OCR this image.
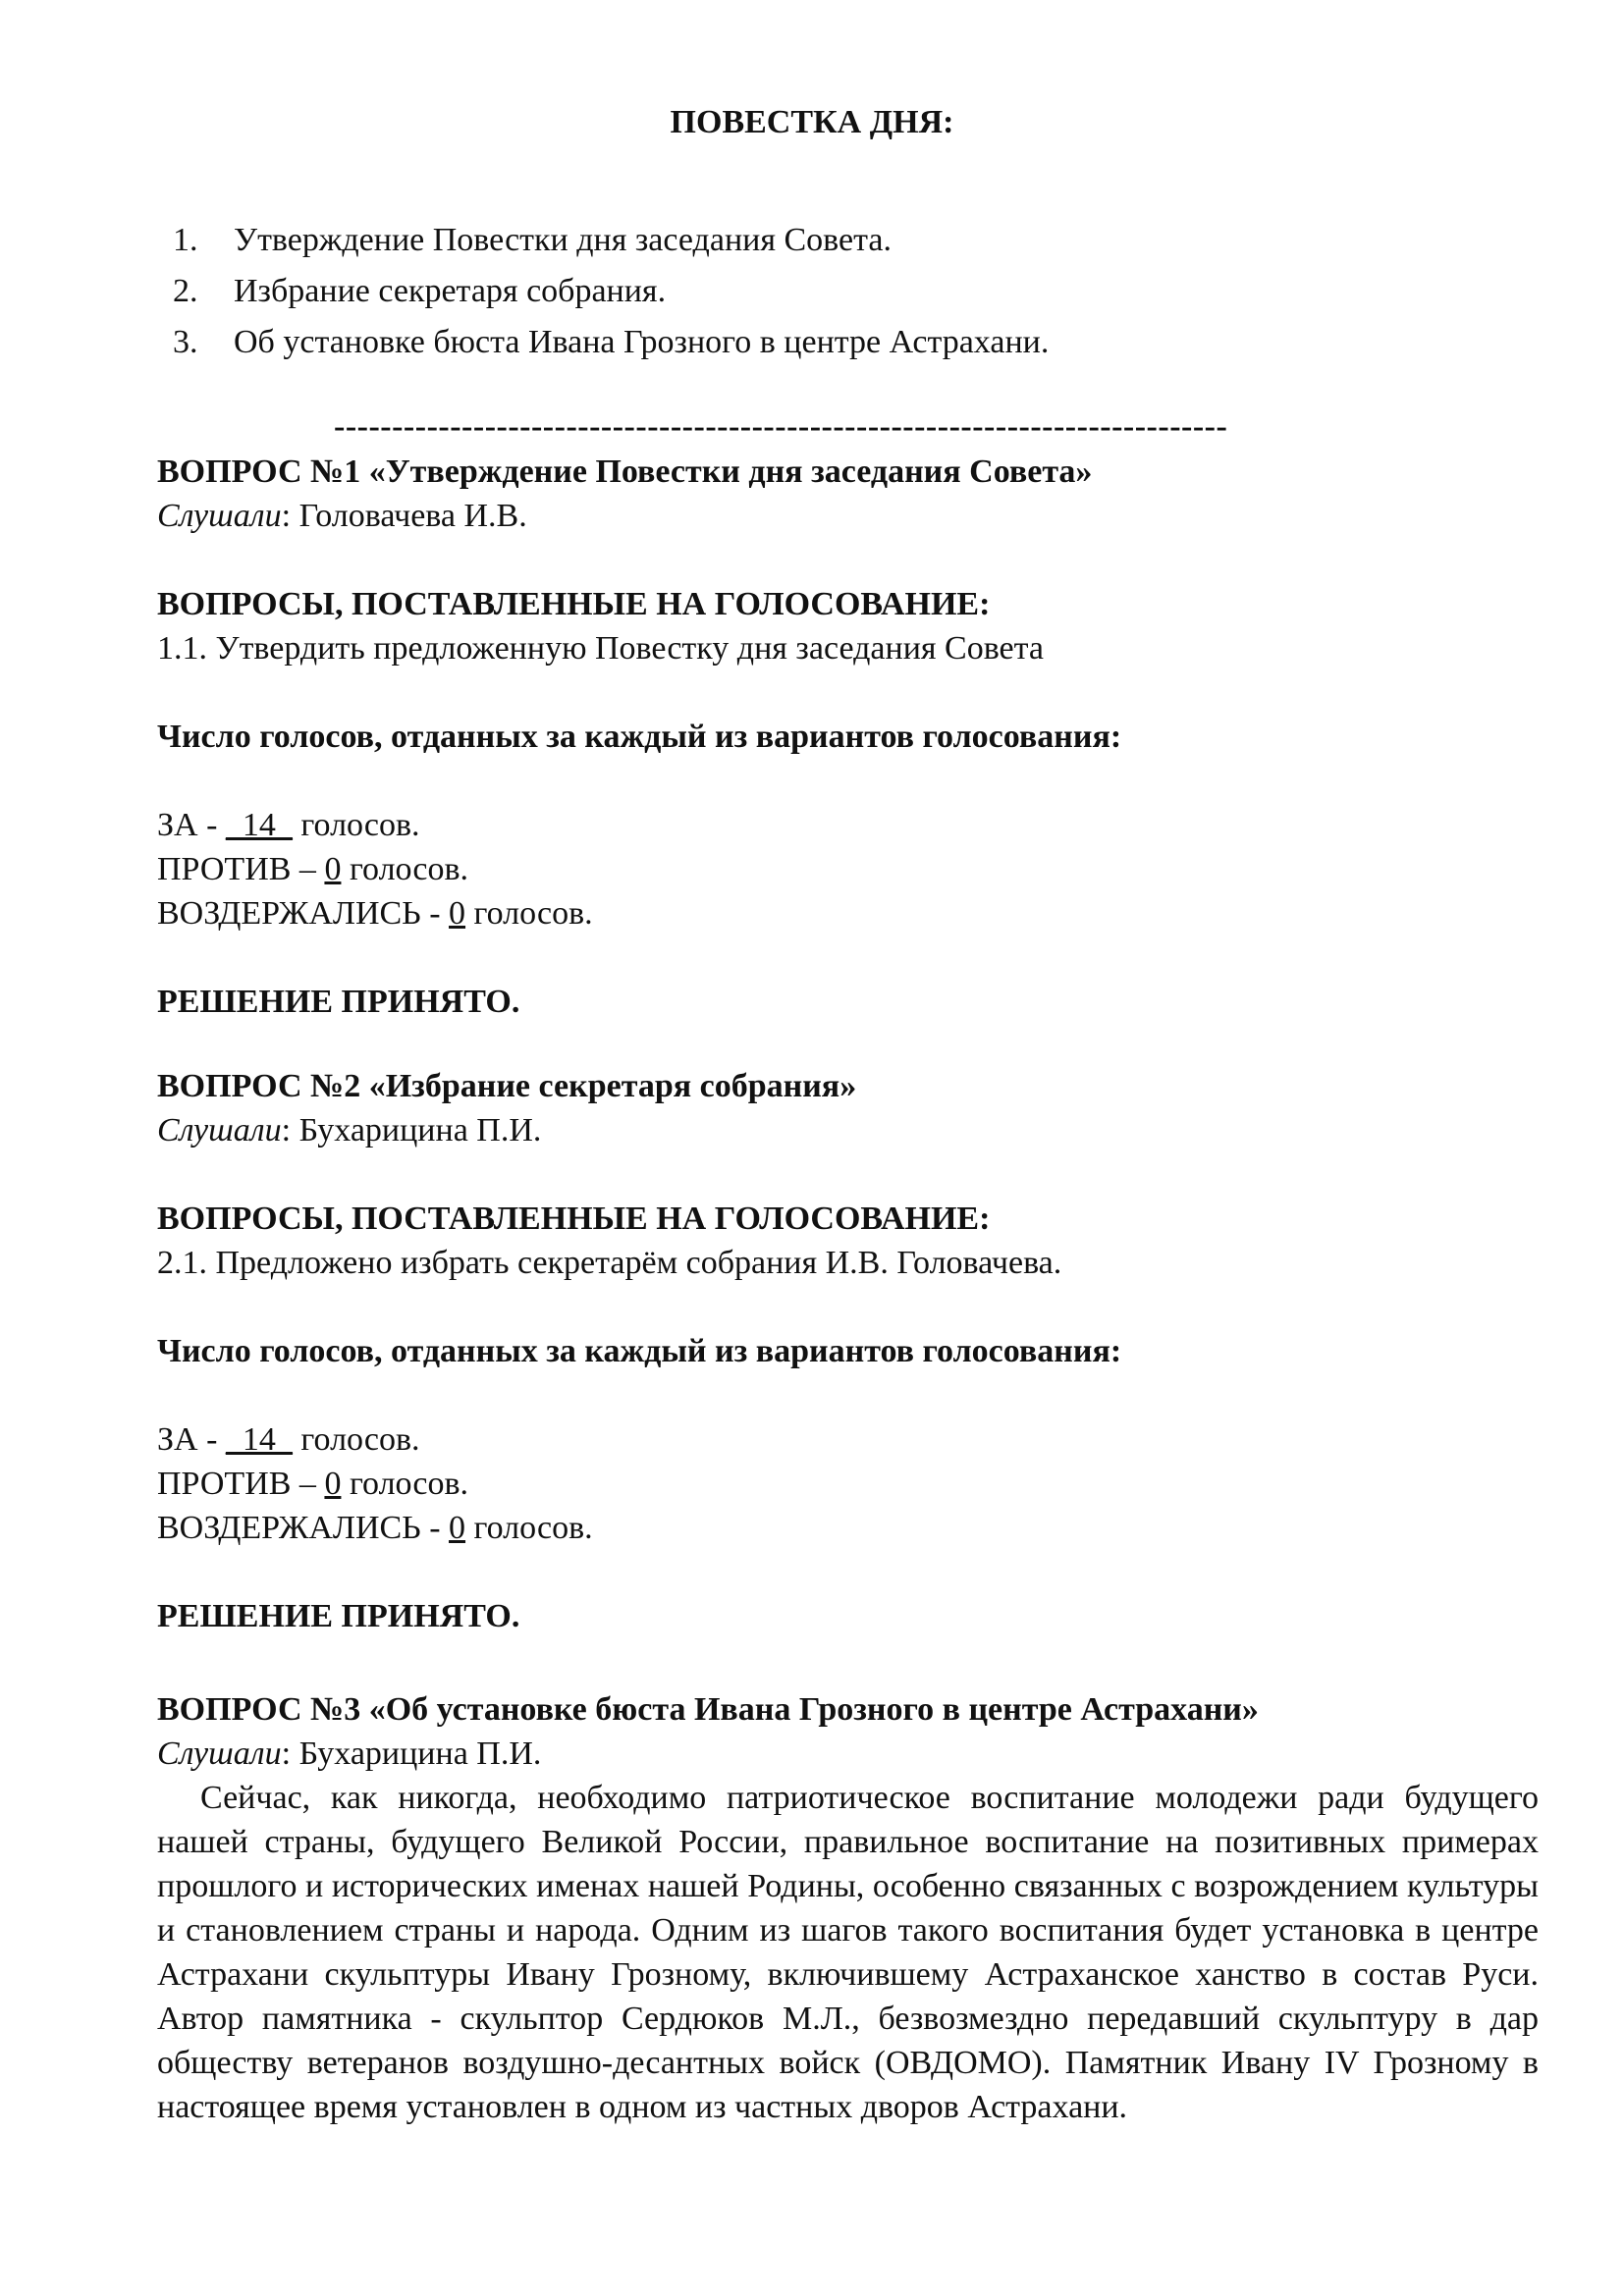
ПОВЕСТКА ДНЯ:
1. Утверждение Повестки дня заседания Совета.
2. Избрание секретаря собрания.
3. Об установке бюста Ивана Грозного в центре Астрахани.
-----------------------------------------------------------------------------
ВОПРОС №1 «Утверждение Повестки дня заседания Совета»
Слушали: Головачева И.В.
ВОПРОСЫ, ПОСТАВЛЕННЫЕ НА ГОЛОСОВАНИЕ:
1.1. Утвердить предложенную Повестку дня заседания Совета
Число голосов, отданных за каждый из вариантов голосования:
ЗА - _14_ голосов.
ПРОТИВ – 0 голосов.
ВОЗДЕРЖАЛИСЬ - 0 голосов.
РЕШЕНИЕ ПРИНЯТО.
ВОПРОС №2 «Избрание секретаря собрания»
Слушали: Бухарицина П.И.
ВОПРОСЫ, ПОСТАВЛЕННЫЕ НА ГОЛОСОВАНИЕ:
2.1. Предложено избрать секретарём собрания И.В. Головачева.
Число голосов, отданных за каждый из вариантов голосования:
ЗА - _14_ голосов.
ПРОТИВ – 0 голосов.
ВОЗДЕРЖАЛИСЬ - 0 голосов.
РЕШЕНИЕ ПРИНЯТО.
ВОПРОС №3 «Об установке бюста Ивана Грозного в центре Астрахани»
Слушали: Бухарицина П.И.
Сейчас, как никогда, необходимо патриотическое воспитание молодежи ради будущего нашей страны, будущего Великой России, правильное воспитание на позитивных примерах прошлого и исторических именах нашей Родины, особенно связанных с возрождением культуры и становлением страны и народа. Одним из шагов такого воспитания будет установка в центре Астрахани скульптуры Ивану Грозному, включившему Астраханское ханство в состав Руси. Автор памятника - скульптор Сердюков М.Л., безвозмездно передавший скульптуру в дар обществу ветеранов воздушно-десантных войск (ОВДОМО). Памятник Ивану IV Грозному в настоящее время установлен в одном из частных дворов Астрахани.
